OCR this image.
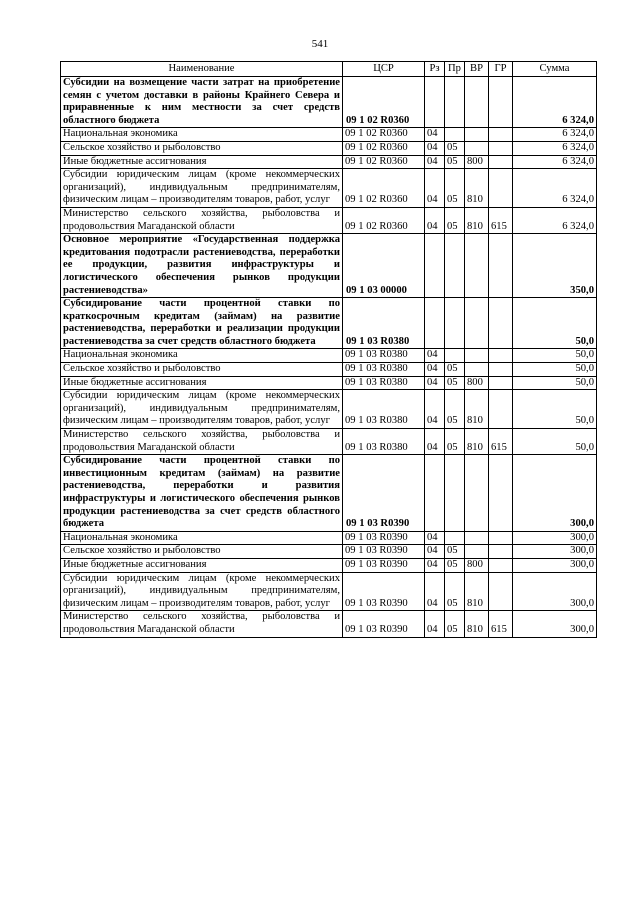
541
Наименование	ЦСР	Рз	Пр	ВР	ГР	Сумма
Субсидии на возмещение части затрат на приобретение семян с учетом доставки в районы Крайнего Севера и приравненные к ним местности за счет средств областного бюджета	09 1 02 R0360					6 324,0
Национальная экономика	09 1 02 R0360	04				6 324,0
Сельское хозяйство и рыболовство	09 1 02 R0360	04	05			6 324,0
Иные бюджетные ассигнования	09 1 02 R0360	04	05	800		6 324,0
Субсидии юридическим лицам (кроме некоммерческих организаций), индивидуальным предпринимателям, физическим лицам – производителям товаров, работ, услуг	09 1 02 R0360	04	05	810		6 324,0
Министерство сельского хозяйства, рыболовства и продовольствия Магаданской области	09 1 02 R0360	04	05	810	615	6 324,0
Основное мероприятие «Государственная поддержка кредитования подотрасли растениеводства, переработки ее продукции, развития инфраструктуры и логистического обеспечения рынков продукции растениеводства»	09 1 03 00000					350,0
Субсидирование части процентной ставки по краткосрочным кредитам (займам) на развитие растениеводства, переработки и реализации продукции растениеводства за счет средств областного бюджета	09 1 03 R0380					50,0
Национальная экономика	09 1 03 R0380	04				50,0
Сельское хозяйство и рыболовство	09 1 03 R0380	04	05			50,0
Иные бюджетные ассигнования	09 1 03 R0380	04	05	800		50,0
Субсидии юридическим лицам (кроме некоммерческих организаций), индивидуальным предпринимателям, физическим лицам – производителям товаров, работ, услуг	09 1 03 R0380	04	05	810		50,0
Министерство сельского хозяйства, рыболовства и продовольствия Магаданской области	09 1 03 R0380	04	05	810	615	50,0
Субсидирование части процентной ставки по инвестиционным кредитам (займам) на развитие растениеводства, переработки и развития инфраструктуры и логистического обеспечения рынков продукции растениеводства за счет средств областного бюджета	09 1 03 R0390					300,0
Национальная экономика	09 1 03 R0390	04				300,0
Сельское хозяйство и рыболовство	09 1 03 R0390	04	05			300,0
Иные бюджетные ассигнования	09 1 03 R0390	04	05	800		300,0
Субсидии юридическим лицам (кроме некоммерческих организаций), индивидуальным предпринимателям, физическим лицам – производителям товаров, работ, услуг	09 1 03 R0390	04	05	810		300,0
Министерство сельского хозяйства, рыболовства и продовольствия Магаданской области	09 1 03 R0390	04	05	810	615	300,0
